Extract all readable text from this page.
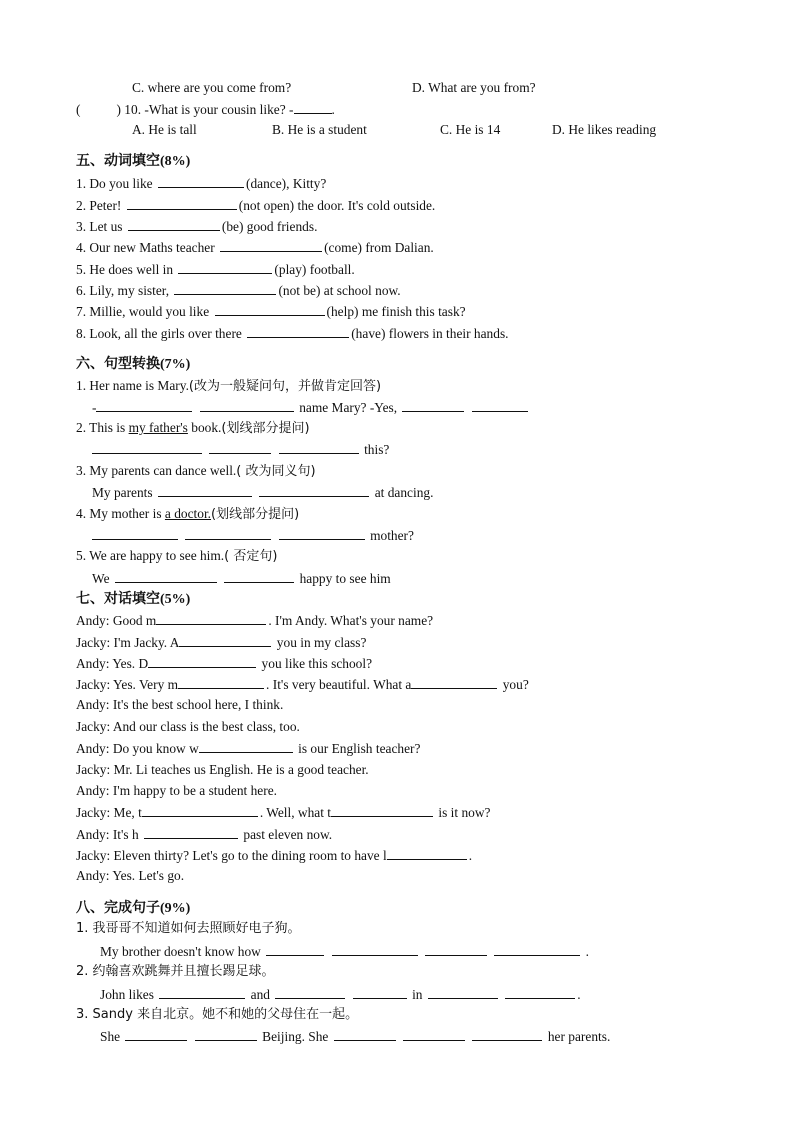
C. where are you come from?	D. What are you from?
(	) 10. -What is your cousin like? -	.
A. He is tall	B. He is a student	C. He is 14	D. He likes reading
五、动词填空(8%)
1. Do you like	(dance), Kitty?
2. Peter!	(not open) the door. It's cold outside.
3. Let us	(be) good friends.
4. Our new Maths teacher	(come) from Dalian.
5. He does well in	(play) football.
6. Lily, my sister,	(not be) at school now.
7. Millie, would you like	(help) me finish this task?
8. Look, all the girls over there	(have) flowers in their hands.
六、句型转换(7%)
1. Her name is Mary.(改为一般疑问句，并做肯定回答)
-	name Mary? -Yes,
2. This is my father's book.(划线部分提问)
this?
3. My parents can dance well.( 改为同义句)
My parents	at dancing.
4. My mother is a doctor.(划线部分提问)
mother?
5. We are happy to see him.( 否定句)
We	happy to see him
七、对话填空(5%)
Andy: Good m	. I'm Andy. What's your name?
Jacky: I'm Jacky. A	you in my class?
Andy: Yes. D	you like this school?
Jacky: Yes. Very m	. It's very beautiful. What a	you?
Andy: It's the best school here, I think.
Jacky: And our class is the best class, too.
Andy: Do you know w	is our English teacher?
Jacky: Mr. Li teaches us English. He is a good teacher.
Andy: I'm happy to be a student here.
Jacky: Me, t	. Well, what t	is it now?
Andy: It's h	past eleven now.
Jacky: Eleven thirty? Let's go to the dining room to have l	.
Andy: Yes. Let's go.
八、完成句子(9%)
1. 我哥哥不知道如何去照顾好电子狗。
My brother doesn't know how	.
2. 约翰喜欢跳舞并且擅长踢足球。
John likes	and	in	.
3. Sandy 来自北京。她不和她的父母住在一起。
She	Beijing. She	her parents.
